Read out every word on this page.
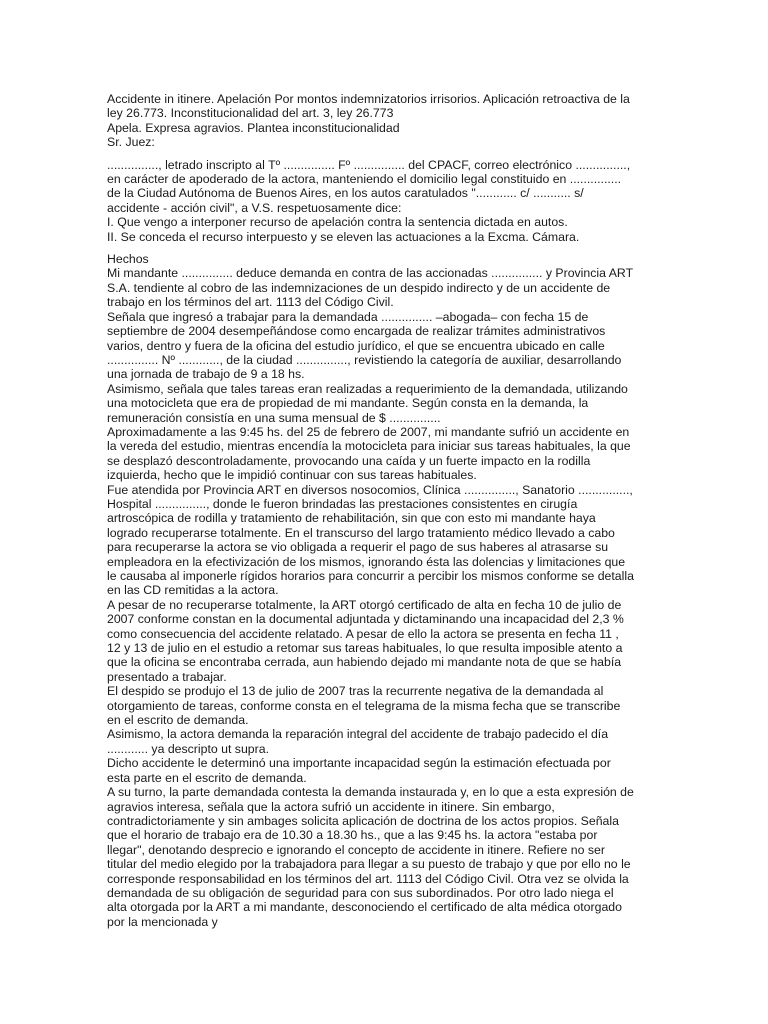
Accidente in itinere. Apelación Por montos indemnizatorios irrisorios. Aplicación retroactiva de la ley 26.773. Inconstitucionalidad del art. 3, ley 26.773

Apela. Expresa agravios. Plantea inconstitucionalidad

Sr. Juez:

..............., letrado inscripto al Tº ............... Fº ............... del CPACF, correo electrónico ..............., en carácter de apoderado de la actora, manteniendo el domicilio legal constituido en ............... de la Ciudad Autónoma de Buenos Aires, en los autos caratulados "............ c/ ........... s/ accidente - acción civil", a V.S. respetuosamente dice:

I. Que vengo a interponer recurso de apelación contra la sentencia dictada en autos.

II. Se conceda el recurso interpuesto y se eleven las actuaciones a la Excma. Cámara.

Hechos

Mi mandante ............... deduce demanda en contra de las accionadas ............... y Provincia ART S.A. tendiente al cobro de las indemnizaciones de un despido indirecto y de un accidente de trabajo en los términos del art. 1113 del Código Civil.

Señala que ingresó a trabajar para la demandada ............... –abogada– con fecha 15 de septiembre de 2004 desempeñándose como encargada de realizar trámites administrativos varios, dentro y fuera de la oficina del estudio jurídico, el que se encuentra ubicado en calle ............... Nº ............, de la ciudad ..............., revistiendo la categoría de auxiliar, desarrollando una jornada de trabajo de 9 a 18 hs.

Asimismo, señala que tales tareas eran realizadas a requerimiento de la demandada, utilizando una motocicleta que era de propiedad de mi mandante. Según consta en la demanda, la remuneración consistía en una suma mensual de $ ...............

Aproximadamente a las 9:45 hs. del 25 de febrero de 2007, mi mandante sufrió un accidente en la vereda del estudio, mientras encendía la motocicleta para iniciar sus tareas habituales, la que se desplazó descontroladamente, provocando una caída y un fuerte impacto en la rodilla izquierda, hecho que le impidió continuar con sus tareas habituales.

Fue atendida por Provincia ART en diversos nosocomios, Clínica ..............., Sanatorio ..............., Hospital ..............., donde le fueron brindadas las prestaciones consistentes en cirugía artroscópica de rodilla y tratamiento de rehabilitación, sin que con esto mi mandante haya logrado recuperarse totalmente. En el transcurso del largo tratamiento médico llevado a cabo para recuperarse la actora se vio obligada a requerir el pago de sus haberes al atrasarse su empleadora en la efectivización de los mismos, ignorando ésta las dolencias y limitaciones que le causaba al imponerle rígidos horarios para concurrir a percibir los mismos conforme se detalla en las CD remitidas a la actora.

A pesar de no recuperarse totalmente, la ART otorgó certificado de alta en fecha 10 de julio de 2007 conforme constan en la documental adjuntada y dictaminando una incapacidad del 2,3 % como consecuencia del accidente relatado. A pesar de ello la actora se presenta en fecha 11 , 12 y 13 de julio en el estudio a retomar sus tareas habituales, lo que resulta imposible atento a que la oficina se encontraba cerrada, aun habiendo dejado mi mandante nota de que se había presentado a trabajar.

El despido se produjo el 13 de julio de 2007 tras la recurrente negativa de la demandada al otorgamiento de tareas, conforme consta en el telegrama de la misma fecha que se transcribe en el escrito de demanda.

Asimismo, la actora demanda la reparación integral del accidente de trabajo padecido el día ............ ya descripto ut supra.

Dicho accidente le determinó una importante incapacidad según la estimación efectuada por esta parte en el escrito de demanda.

A su turno, la parte demandada contesta la demanda instaurada y, en lo que a esta expresión de agravios interesa, señala que la actora sufrió un accidente in itinere. Sin embargo, contradictoriamente y sin ambages solicita aplicación de doctrina de los actos propios. Señala que el horario de trabajo era de 10.30 a 18.30 hs., que a las 9:45 hs. la actora "estaba por llegar", denotando desprecio e ignorando el concepto de accidente in itinere. Refiere no ser titular del medio elegido por la trabajadora para llegar a su puesto de trabajo y que por ello no le corresponde responsabilidad en los términos del art. 1113 del Código Civil. Otra vez se olvida la demandada de su obligación de seguridad para con sus subordinados. Por otro lado niega el alta otorgada por la ART a mi mandante, desconociendo el certificado de alta médica otorgado por la mencionada y
